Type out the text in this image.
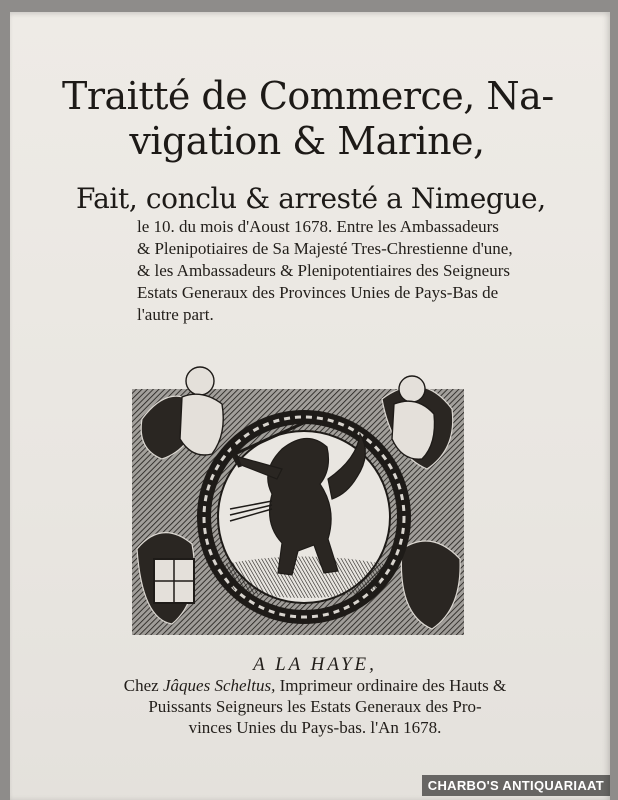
Traitté de Commerce, Na-
vigation & Marine,
Fait, conclu & arresté a Nimegue,
le 10. du mois d'Aoust 1678. Entre les Ambassadeurs
& Plenipotiaires de Sa Majesté Tres-Chrestienne d'une,
& les Ambassadeurs & Plenipotentiaires des Seigneurs
Estats Generaux des Provinces Unies de Pays-Bas de
l'autre part.
A LA HAYE,
Chez Jâques Scheltus, Imprimeur ordinaire des Hauts &
Puissants Seigneurs les Estats Generaux des Pro-
vinces Unies du Pays-bas. l'An 1678.
CHARBO'S ANTIQUARIAAT
